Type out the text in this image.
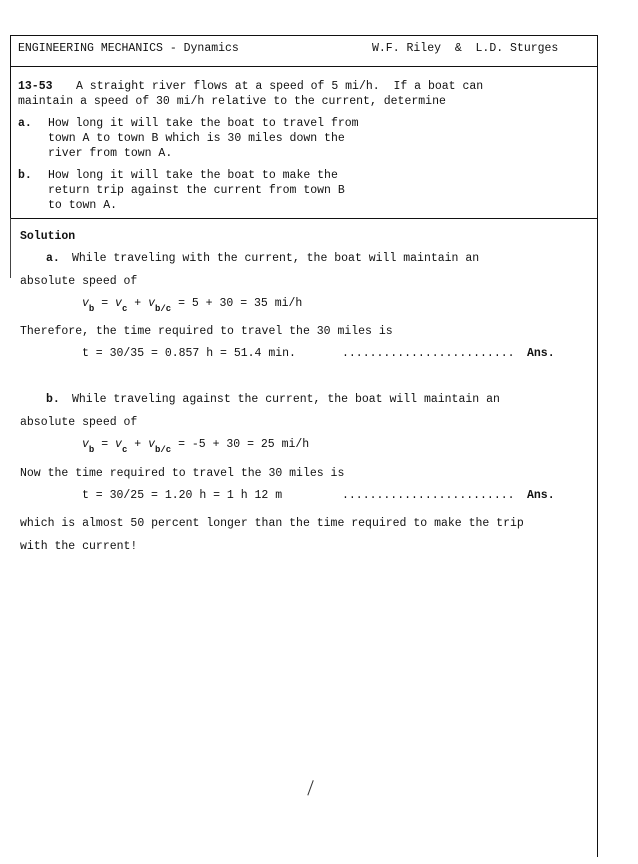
ENGINEERING MECHANICS - Dynamics	W.F. Riley  &  L.D. Sturges
13-53 A straight river flows at a speed of 5 mi/h.  If a boat can
maintain a speed of 30 mi/h relative to the current, determine
a. How long it will take the boat to travel from
town A to town B which is 30 miles down the
river from town A.
b. How long it will take the boat to make the
return trip against the current from town B
to town A.
Solution
a. While traveling with the current, the boat will maintain an
absolute speed of
$v_b = v_c + v_{b/c} = 5 + 30 = 35$ mi/h
Therefore, the time required to travel the 30 miles is
t = 30/35 = 0.857 h = 51.4 min.	......................... Ans.
b. While traveling against the current, the boat will maintain an
absolute speed of
$v_b = v_c + v_{b/c} = -5 + 30 = 25$ mi/h
Now the time required to travel the 30 miles is
t = 30/25 = 1.20 h = 1 h 12 m	......................... Ans.
which is almost 50 percent longer than the time required to make the trip
with the current!
